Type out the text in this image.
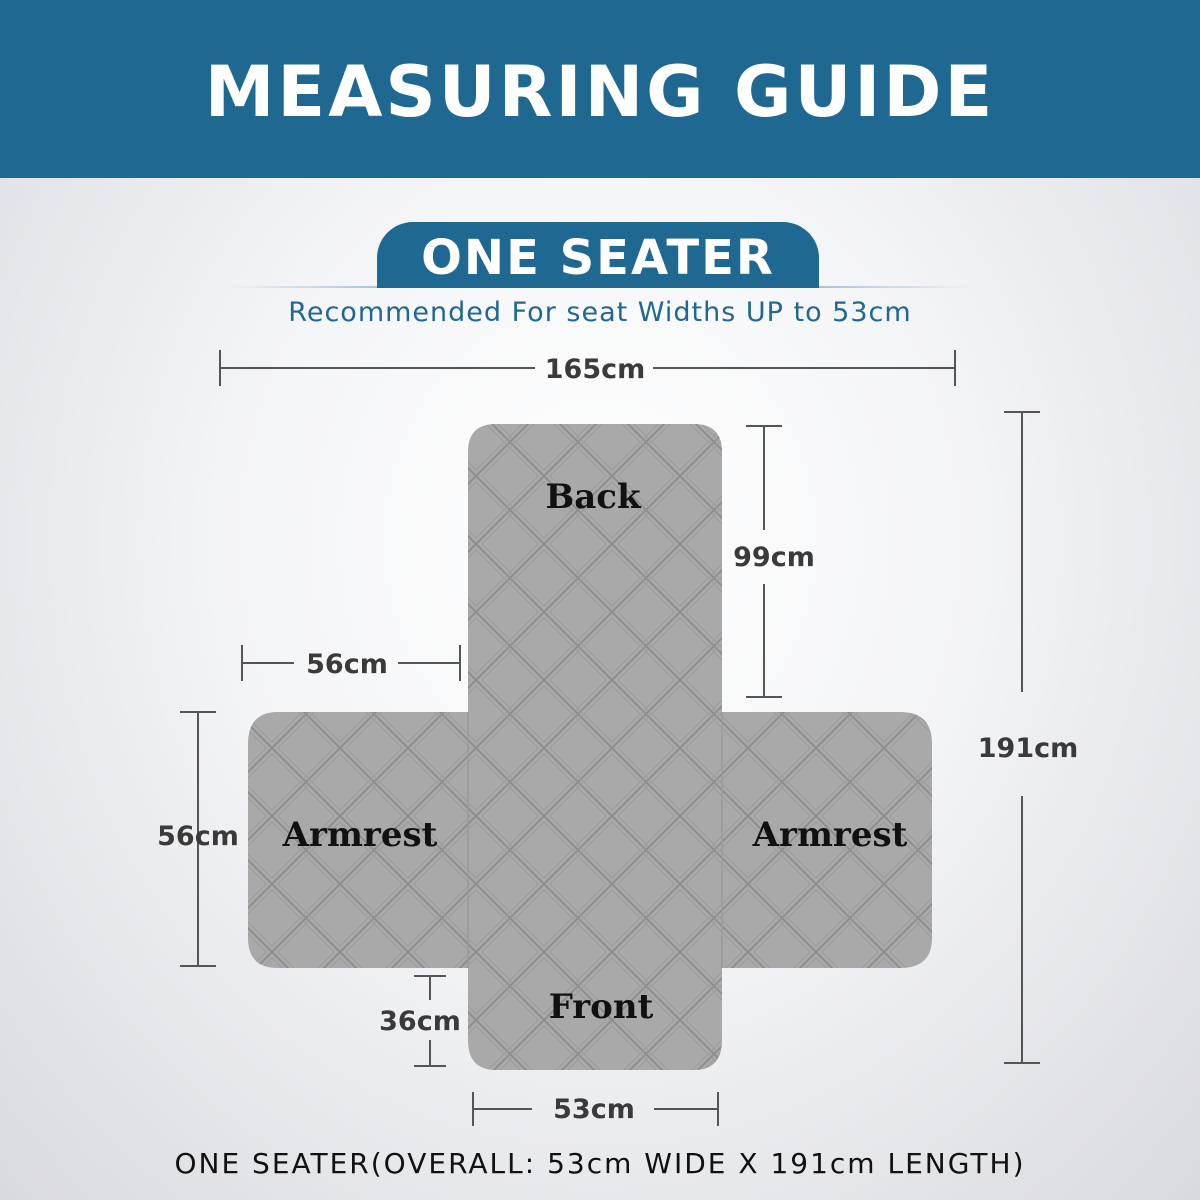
MEASURING GUIDE
ONE SEATER
Recommended For seat Widths UP to 53cm
Back
Armrest	Armrest
Front
165cm
99cm
191cm
56cm
56cm
36cm
53cm
ONE SEATER(OVERALL: 53cm WIDE X 191cm LENGTH)
